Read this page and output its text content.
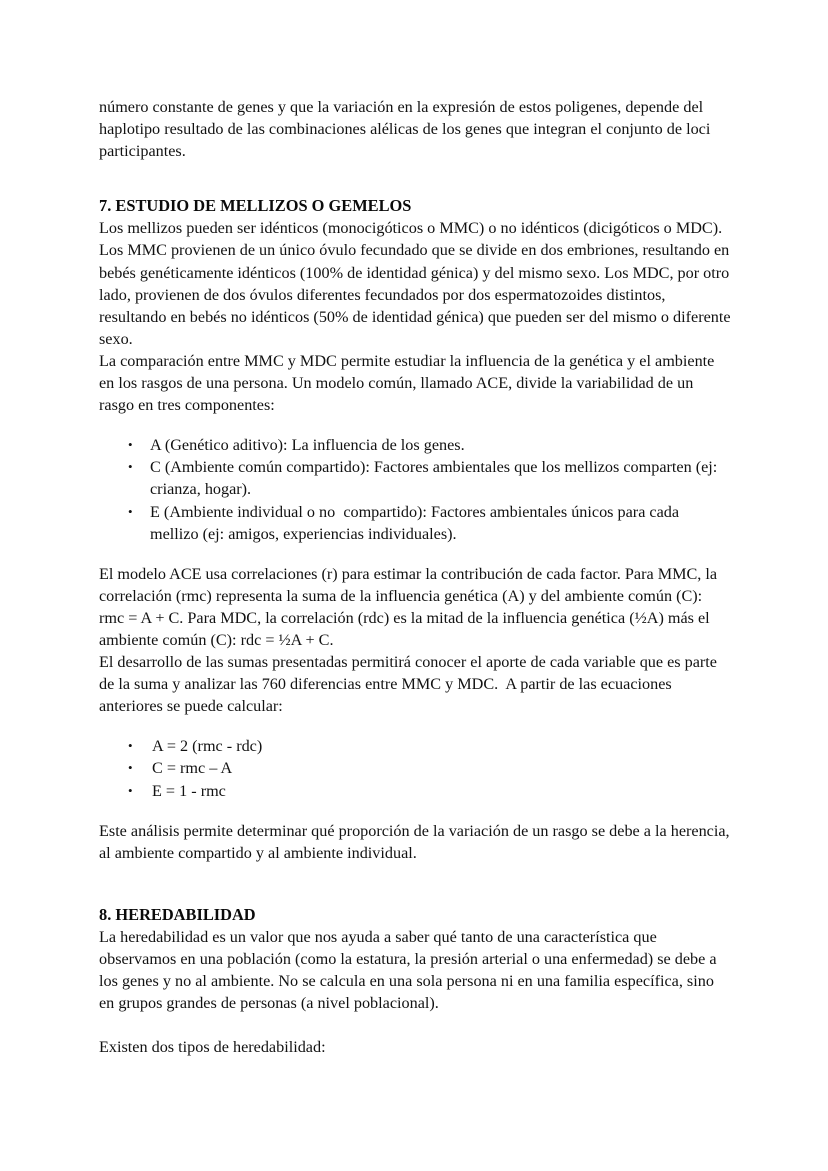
número constante de genes y que la variación en la expresión de estos poligenes, depende del haplotipo resultado de las combinaciones alélicas de los genes que integran el conjunto de loci participantes.

7. ESTUDIO DE MELLIZOS O GEMELOS

Los mellizos pueden ser idénticos (monocigóticos o MMC) o no idénticos (dicigóticos o MDC). Los MMC provienen de un único óvulo fecundado que se divide en dos embriones, resultando en bebés genéticamente idénticos (100% de identidad génica) y del mismo sexo. Los MDC, por otro lado, provienen de dos óvulos diferentes fecundados por dos espermatozoides distintos, resultando en bebés no idénticos (50% de identidad génica) que pueden ser del mismo o diferente sexo.

La comparación entre MMC y MDC permite estudiar la influencia de la genética y el ambiente en los rasgos de una persona. Un modelo común, llamado ACE, divide la variabilidad de un rasgo en tres componentes:

• A (Genético aditivo): La influencia de los genes.
• C (Ambiente común compartido): Factores ambientales que los mellizos comparten (ej: crianza, hogar).
• E (Ambiente individual o no  compartido): Factores ambientales únicos para cada mellizo (ej: amigos, experiencias individuales).

El modelo ACE usa correlaciones (r) para estimar la contribución de cada factor. Para MMC, la correlación (rmc) representa la suma de la influencia genética (A) y del ambiente común (C): rmc = A + C. Para MDC, la correlación (rdc) es la mitad de la influencia genética (½A) más el ambiente común (C): rdc = ½A + C.

El desarrollo de las sumas presentadas permitirá conocer el aporte de cada variable que es parte de la suma y analizar las 760 diferencias entre MMC y MDC.  A partir de las ecuaciones anteriores se puede calcular:

• A = 2 (rmc - rdc)
• C = rmc – A
• E = 1 - rmc

Este análisis permite determinar qué proporción de la variación de un rasgo se debe a la herencia, al ambiente compartido y al ambiente individual.

8. HEREDABILIDAD

La heredabilidad es un valor que nos ayuda a saber qué tanto de una característica que observamos en una población (como la estatura, la presión arterial o una enfermedad) se debe a los genes y no al ambiente. No se calcula en una sola persona ni en una familia específica, sino en grupos grandes de personas (a nivel poblacional).

Existen dos tipos de heredabilidad:
